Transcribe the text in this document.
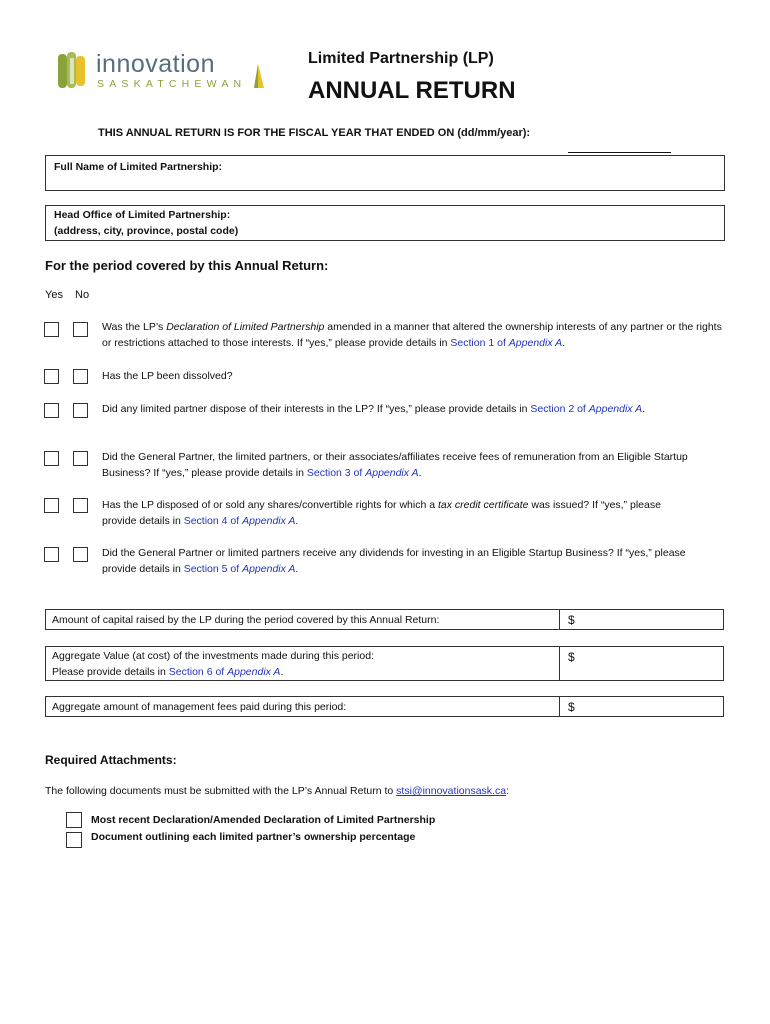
innovation
SASKATCHEWAN
Limited Partnership (LP)
ANNUAL RETURN
THIS ANNUAL RETURN IS FOR THE FISCAL YEAR THAT ENDED ON (dd/mm/year):
Full Name of Limited Partnership:
Head Office of Limited Partnership:
(address, city, province, postal code)
For the period covered by this Annual Return:
Yes No
Was the LP’s Declaration of Limited Partnership amended in a manner that altered the ownership interests of any partner or the rights or restrictions attached to those interests. If “yes,” please provide details in Section 1 of Appendix A.
Has the LP been dissolved?
Did any limited partner dispose of their interests in the LP? If “yes,” please provide details in Section 2 of Appendix A.
Did the General Partner, the limited partners, or their associates/affiliates receive fees of remuneration from an Eligible Startup Business? If “yes,” please provide details in Section 3 of Appendix A.
Has the LP disposed of or sold any shares/convertible rights for which a tax credit certificate was issued? If “yes,” please provide details in Section 4 of Appendix A.
Did the General Partner or limited partners receive any dividends for investing in an Eligible Startup Business? If “yes,” please provide details in Section 5 of Appendix A.
Amount of capital raised by the LP during the period covered by this Annual Return:	$
Aggregate Value (at cost) of the investments made during this period:
Please provide details in Section 6 of Appendix A.
$
Aggregate amount of management fees paid during this period:	$
Required Attachments:
The following documents must be submitted with the LP’s Annual Return to stsi@innovationsask.ca:
Most recent Declaration/Amended Declaration of Limited Partnership
Document outlining each limited partner’s ownership percentage
